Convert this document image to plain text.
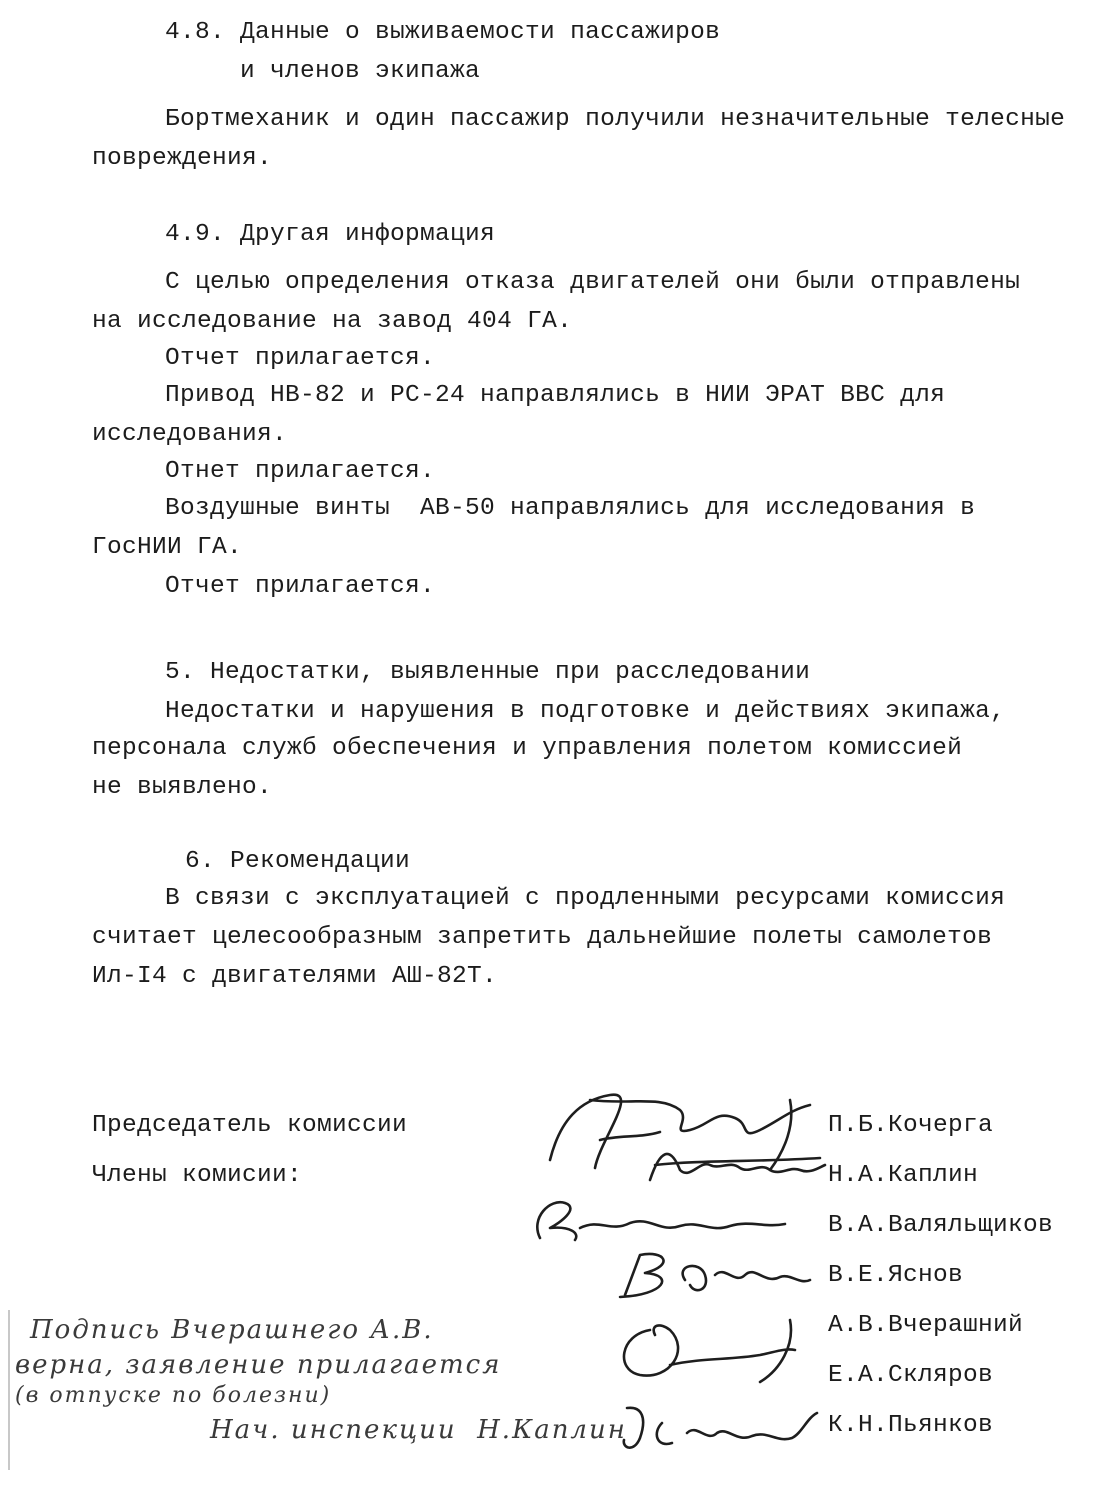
4.8. Данные о выживаемости пассажиров
и членов экипажа
Бортмеханик и один пассажир получили незначительные телесные
повреждения.
4.9. Другая информация
С целью определения отказа двигателей они были отправлены
на исследование на завод 404 ГА.
Отчет прилагается.
Привод НВ-82 и РС-24 направлялись в НИИ ЭРАТ ВВС для
исследования.
Отнет прилагается.
Воздушные винты  АВ-50 направлялись для исследования в
ГосНИИ ГА.
Отчет прилагается.
5. Недостатки, выявленные при расследовании
Недостатки и нарушения в подготовке и действиях экипажа,
персонала служб обеспечения и управления полетом комиссией
не выявлено.
6. Рекомендации
В связи с эксплуатацией с продленными ресурсами комиссия
считает целесообразным запретить дальнейшие полеты самолетов
Ил-I4 с двигателями АШ-82Т.
Председатель комиссии
Члены комисии:
П.Б.Кочерга
Н.А.Каплин
В.А.Валяльщиков
В.Е.Яснов
А.В.Вчерашний
Е.А.Скляров
К.Н.Пьянков
Подпись Вчерашнего А.В.
верна, заявление прилагается
(в отпуске по болезни)
Нач. инспекции  Н.Каплин
